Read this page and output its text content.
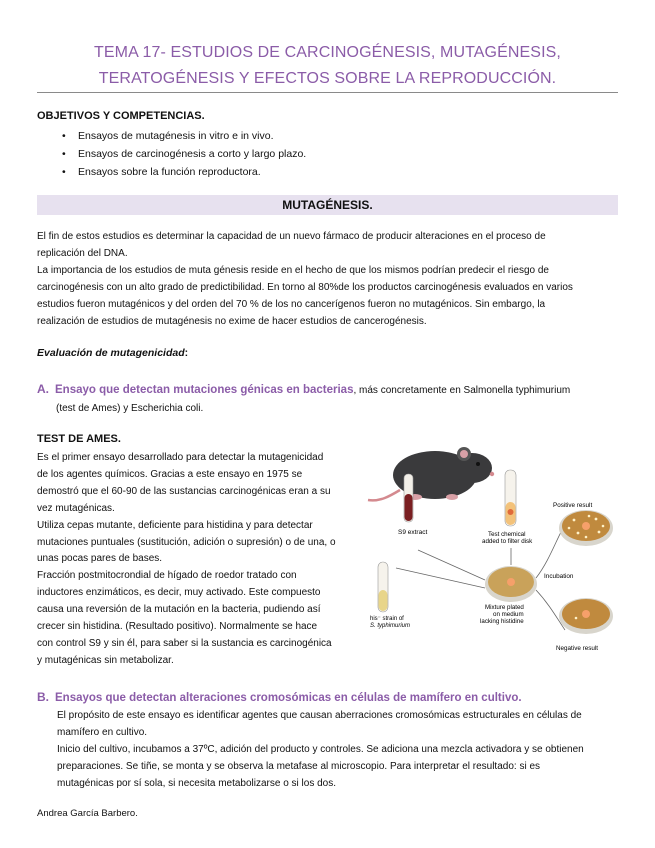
TEMA 17- ESTUDIOS DE CARCINOGÉNESIS, MUTAGÉNESIS,
TERATOGÉNESIS Y EFECTOS SOBRE LA REPRODUCCIÓN.
OBJETIVOS Y COMPETENCIAS.
• Ensayos de mutagénesis in vitro e in vivo.
• Ensayos de carcinogénesis a corto y largo plazo.
• Ensayos sobre la función reproductora.
MUTAGÉNESIS.
El fin de estos estudios es determinar la capacidad de un nuevo fármaco de producir alteraciones en el proceso de
replicación del DNA.
La importancia de los estudios de muta génesis reside en el hecho de que los mismos podrían predecir el riesgo de
carcinogénesis con un alto grado de predictibilidad. En torno al 80%de los productos carcinogénesis evaluados en varios
estudios fueron mutagénicos y del orden del 70 % de los no cancerígenos fueron no mutagénicos. Sin embargo, la
realización de estudios de mutagénesis no exime de hacer estudios de cancerogénesis.
Evaluación de mutagenicidad:
A. Ensayo que detectan mutaciones génicas en bacterias, más concretamente en Salmonella typhimurium
(test de Ames) y Escherichia coli.
TEST DE AMES.
Es el primer ensayo desarrollado para detectar la mutagenicidad
de los agentes químicos. Gracias a este ensayo en 1975 se
demostró que el 60-90 de las sustancias carcinogénicas eran a su
vez mutagénicas.
Utiliza cepas mutante, deficiente para histidina y para detectar
mutaciones puntuales (sustitución, adición o supresión) o de una, o
unas pocas pares de bases.
Fracción postmitocrondial de hígado de roedor tratado con
inductores enzimáticos, es decir, muy activado. Este compuesto
causa una reversión de la mutación en la bacteria, pudiendo así
crecer sin histidina. (Resultado positivo). Normalmente se hace
con control S9 y sin él, para saber si la sustancia es carcinogénica
y mutagénicas sin metabolizar.
S9 extract	Test chemical
added to filter disk
his⁻ strain of
S. typhimurium
Mixture plated
on medium
lacking histidine
Positive result
Incubation
Negative result
B. Ensayos que detectan alteraciones cromosómicas en células de mamífero en cultivo.
El propósito de este ensayo es identificar agentes que causan aberraciones cromosómicas estructurales en células de
mamífero en cultivo.
Inicio del cultivo, incubamos a 37ºC, adición del producto y controles. Se adiciona una mezcla activadora y se obtienen
preparaciones. Se tiñe, se monta y se observa la metafase al microscopio. Para interpretar el resultado: si es
mutagénicas por sí sola, si necesita metabolizarse o si los dos.
Andrea García Barbero.
